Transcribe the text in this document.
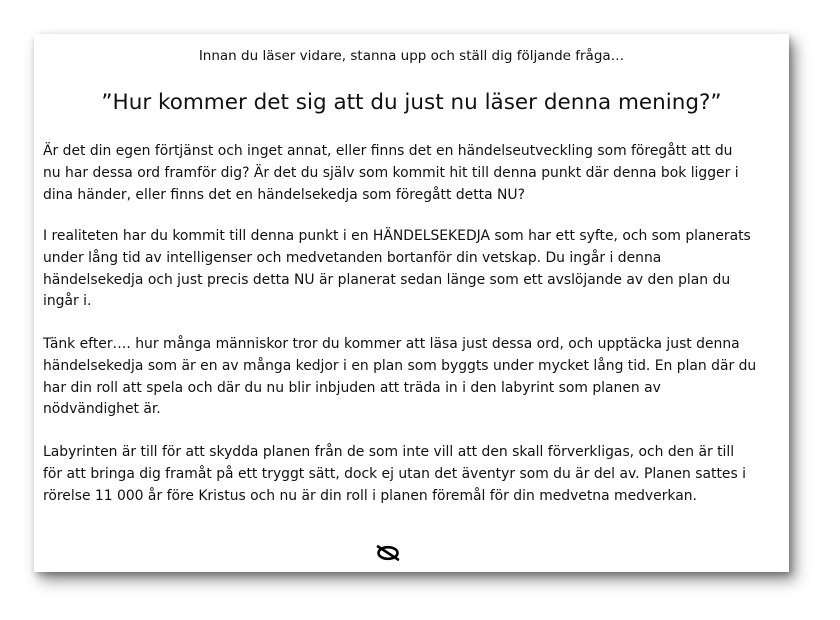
Innan du läser vidare, stanna upp och ställ dig följande fråga…
”Hur kommer det sig att du just nu läser denna mening?”
Är det din egen förtjänst och inget annat, eller finns det en händelseutveckling som föregått att du
nu har dessa ord framför dig? Är det du själv som kommit hit till denna punkt där denna bok ligger i
dina händer, eller finns det en händelsekedja som föregått detta NU?
I realiteten har du kommit till denna punkt i en HÄNDELSEKEDJA som har ett syfte, och som planerats
under lång tid av intelligenser och medvetanden bortanför din vetskap. Du ingår i denna
händelsekedja och just precis detta NU är planerat sedan länge som ett avslöjande av den plan du
ingår i.
Tänk efter…. hur många människor tror du kommer att läsa just dessa ord, och upptäcka just denna
händelsekedja som är en av många kedjor i en plan som byggts under mycket lång tid. En plan där du
har din roll att spela och där du nu blir inbjuden att träda in i den labyrint som planen av
nödvändighet är.
Labyrinten är till för att skydda planen från de som inte vill att den skall förverkligas, och den är till
för att bringa dig framåt på ett tryggt sätt, dock ej utan det äventyr som du är del av. Planen sattes i
rörelse 11 000 år före Kristus och nu är din roll i planen föremål för din medvetna medverkan.
